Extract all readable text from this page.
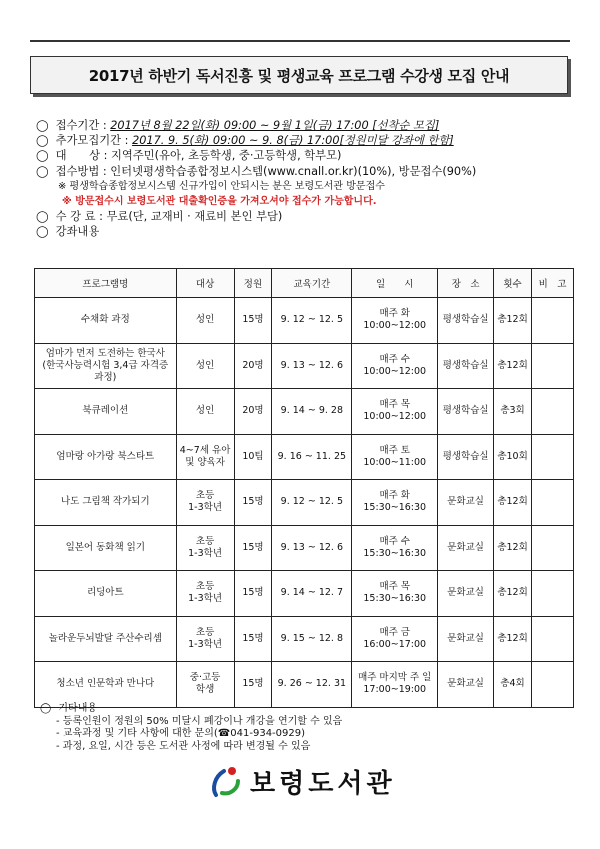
2017년 하반기 독서진흥 및 평생교육 프로그램 수강생 모집 안내
◯ 접수기간 : 2017년 8월 22일(화) 09:00 ~ 9월 1일(금) 17:00 [선착순 모집]
◯ 추가모집기간 : 2017. 9. 5(화) 09:00 ~ 9. 8(금) 17:00[정원미달 강좌에 한함]
◯ 대　　상 : 지역주민(유아, 초등학생, 중·고등학생, 학부모)
◯ 접수방법 : 인터넷평생학습종합정보시스템(www.cnall.or.kr)(10%), 방문접수(90%)
※ 평생학습종합정보시스템 신규가입이 안되시는 분은 보령도서관 방문접수
※ 방문접수시 보령도서관 대출확인증을 가져오셔야 접수가 가능합니다.
◯ 수 강 료 : 무료(단, 교재비 · 재료비 본인 부담)
◯ 강좌내용
프로그램명	대상	정원	교육기간	일　　시	장　소	횟수	비　고
수채화 과정	성인	15명	9. 12 ~ 12. 5	매주 화
10:00~12:00	평생학습실	총12회	
엄마가 먼저 도전하는 한국사
(한국사능력시험 3,4급 자격증 과정)	성인	20명	9. 13 ~ 12. 6	매주 수
10:00~12:00	평생학습실	총12회	
북큐레이션	성인	20명	9. 14 ~ 9. 28	매주 목
10:00~12:00	평생학습실	총3회	
엄마랑 아가랑 북스타트	4~7세 유아
및 양육자	10팀	9. 16 ~ 11. 25	매주 토
10:00~11:00	평생학습실	총10회	
나도 그림책 작가되기	초등
1-3학년	15명	9. 12 ~ 12. 5	매주 화
15:30~16:30	문화교실	총12회	
일본어 동화책 읽기	초등
1-3학년	15명	9. 13 ~ 12. 6	매주 수
15:30~16:30	문화교실	총12회	
리딩아트	초등
1-3학년	15명	9. 14 ~ 12. 7	매주 목
15:30~16:30	문화교실	총12회	
놀라운두뇌발달 주산수리셈	초등
1-3학년	15명	9. 15 ~ 12. 8	매주 금
16:00~17:00	문화교실	총12회	
청소년 인문학과 만나다	중·고등
학생	15명	9. 26 ~ 12. 31	매주 마지막 주 일
17:00~19:00	문화교실	총4회	
◯ 기타내용
- 등록인원이 정원의 50% 미달시 폐강이나 개강을 연기할 수 있음
- 교육과정 및 기타 사항에 대한 문의(☎041-934-0929)
- 과정, 요일, 시간 등은 도서관 사정에 따라 변경될 수 있음
보령도서관
